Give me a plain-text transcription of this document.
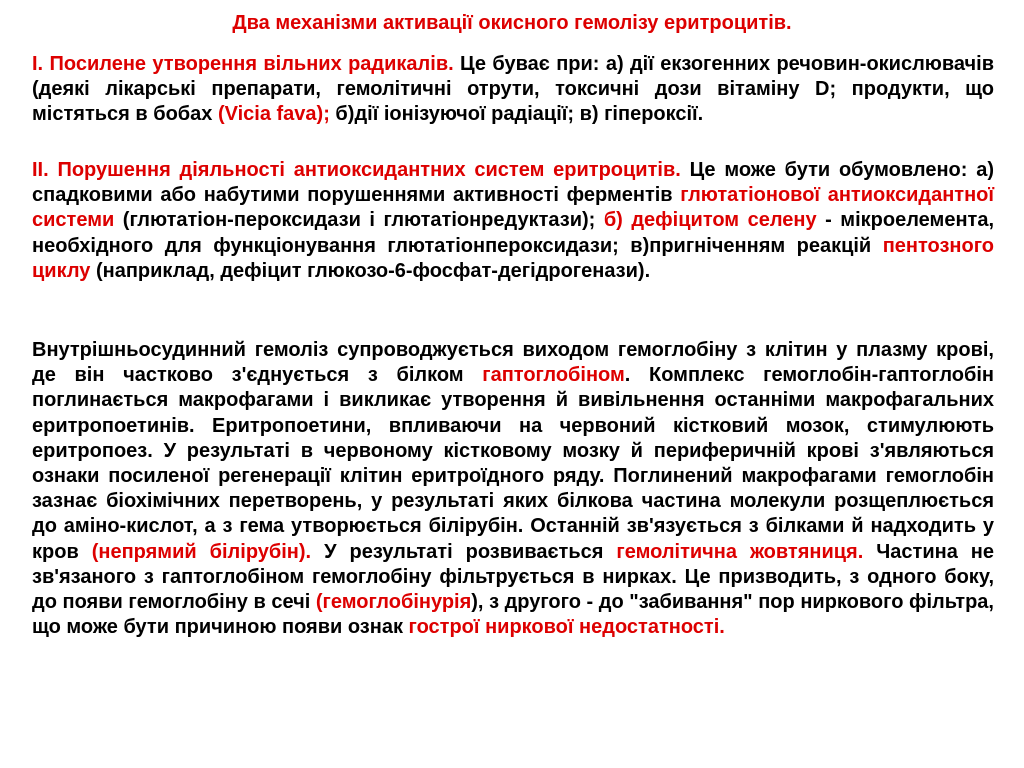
Два механізми активації окисного гемолізу еритроцитів.
І. Посилене утворення вільних радикалів. Це буває при: а) дії екзогенних речовин-окислювачів (деякі лікарські препарати, гемолітичні отрути, токсичні дози вітаміну D; продукти, що містяться в бобах (Vicia fava); б)дії іонізуючої радіації; в) гіпероксії.
ІІ. Порушення діяльності антиоксидантних систем еритроцитів. Це може бути обумовлено: а) спадковими або набутими порушеннями активності ферментів глютатіонової антиоксидантної системи (глютатіон-пероксидази і глютатіонредуктази); б) дефіцитом селену - мікроелемента, необхідного для функціонування глютатіонпероксидази; в)пригніченням реакцій пентозного циклу (наприклад, дефіцит глюкозо-6-фосфат-дегідрогенази).
Внутрішньосудинний гемоліз супроводжується виходом гемоглобіну з клітин у плазму крові, де він частково з'єднується з білком гаптоглобіном. Комплекс гемоглобін-гаптоглобін поглинається макрофагами і викликає утворення й вивільнення останніми макрофагальних еритропоетинів. Еритропоетини, впливаючи на червоний кістковий мозок, стимулюють еритропоез. У результаті в червоному кістковому мозку й периферичній крові з'являються ознаки посиленої регенерації клітин еритроїдного ряду. Поглинений макрофагами гемоглобін зазнає біохімічних перетворень, у результаті яких білкова частина молекули розщеплюється до аміно-кислот, а з гема утворюється білірубін. Останній зв'язується з білками й надходить у кров (непрямий білірубін). У результаті розвивається гемолітична жовтяниця. Частина не зв'язаного з гаптоглобіном гемоглобіну фільтрується в нирках. Це призводить, з одного боку, до появи гемоглобіну в сечі (гемоглобінурія), з другого - до "забивання" пор ниркового фільтра, що може бути причиною появи ознак гострої ниркової недостатності.
